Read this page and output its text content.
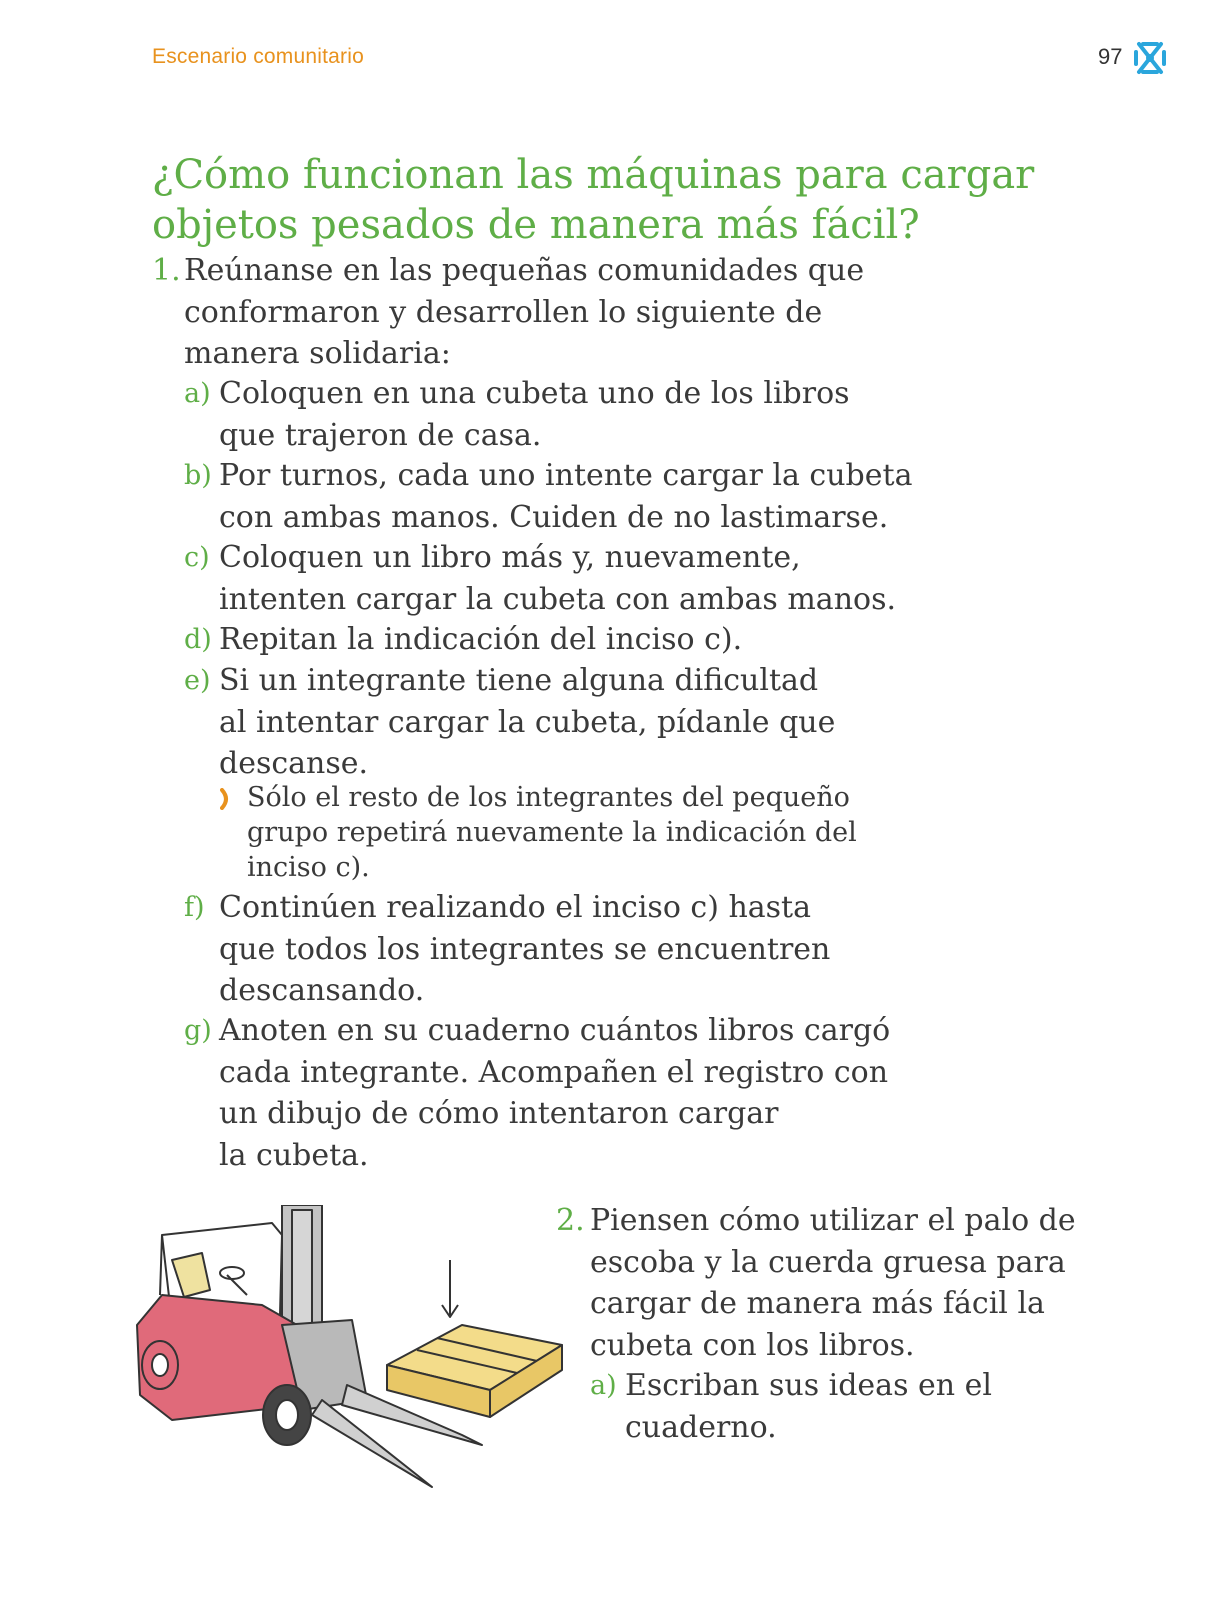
Escenario comunitario	97
¿Cómo funcionan las máquinas para cargar
objetos pesados de manera más fácil?
1. Reúnanse en las pequeñas comunidades que
conformaron y desarrollen lo siguiente de
manera solidaria:
a) Coloquen en una cubeta uno de los libros
que trajeron de casa.
b) Por turnos, cada uno intente cargar la cubeta
con ambas manos. Cuiden de no lastimarse.
c) Coloquen un libro más y, nuevamente,
intenten cargar la cubeta con ambas manos.
d) Repitan la indicación del inciso c).
e) Si un integrante tiene alguna dificultad
al intentar cargar la cubeta, pídanle que
descanse.
Sólo el resto de los integrantes del pequeño
grupo repetirá nuevamente la indicación del
inciso c).
f) Continúen realizando el inciso c) hasta
que todos los integrantes se encuentren
descansando.
g) Anoten en su cuaderno cuántos libros cargó
cada integrante. Acompañen el registro con
un dibujo de cómo intentaron cargar
la cubeta.
2. Piensen cómo utilizar el palo de
escoba y la cuerda gruesa para
cargar de manera más fácil la
cubeta con los libros.
a) Escriban sus ideas en el
cuaderno.
